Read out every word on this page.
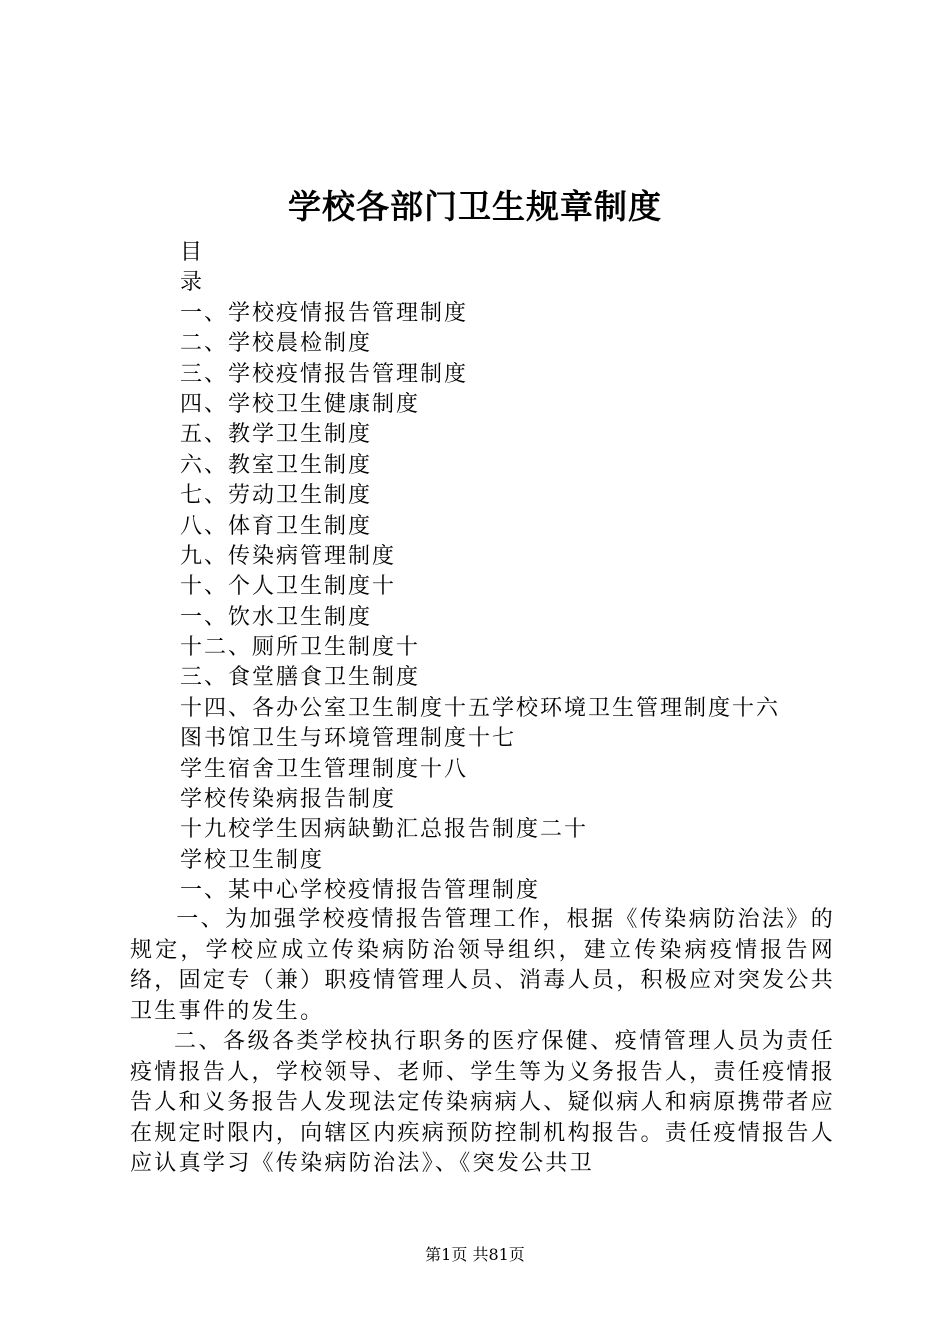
学校各部门卫生规章制度
目
录
一、学校疫情报告管理制度
二、学校晨检制度
三、学校疫情报告管理制度
四、学校卫生健康制度
五、教学卫生制度
六、教室卫生制度
七、劳动卫生制度
八、体育卫生制度
九、传染病管理制度
十、个人卫生制度十
一、饮水卫生制度
十二、厕所卫生制度十
三、食堂膳食卫生制度
十四、各办公室卫生制度十五学校环境卫生管理制度十六
图书馆卫生与环境管理制度十七
学生宿舍卫生管理制度十八
学校传染病报告制度
十九校学生因病缺勤汇总报告制度二十
学校卫生制度
一、某中心学校疫情报告管理制度

一、为加强学校疫情报告管理工作，根据《传染病防治法》的规定，学校应成立传染病防治领导组织，建立传染病疫情报告网络，固定专（兼）职疫情管理人员、消毒人员，积极应对突发公共卫生事件的发生。

二、各级各类学校执行职务的医疗保健、疫情管理人员为责任疫情报告人，学校领导、老师、学生等为义务报告人，责任疫情报告人和义务报告人发现法定传染病病人、疑似病人和病原携带者应在规定时限内，向辖区内疾病预防控制机构报告。责任疫情报告人应认真学习《传染病防治法》、《突发公共卫

第1页 共81页
